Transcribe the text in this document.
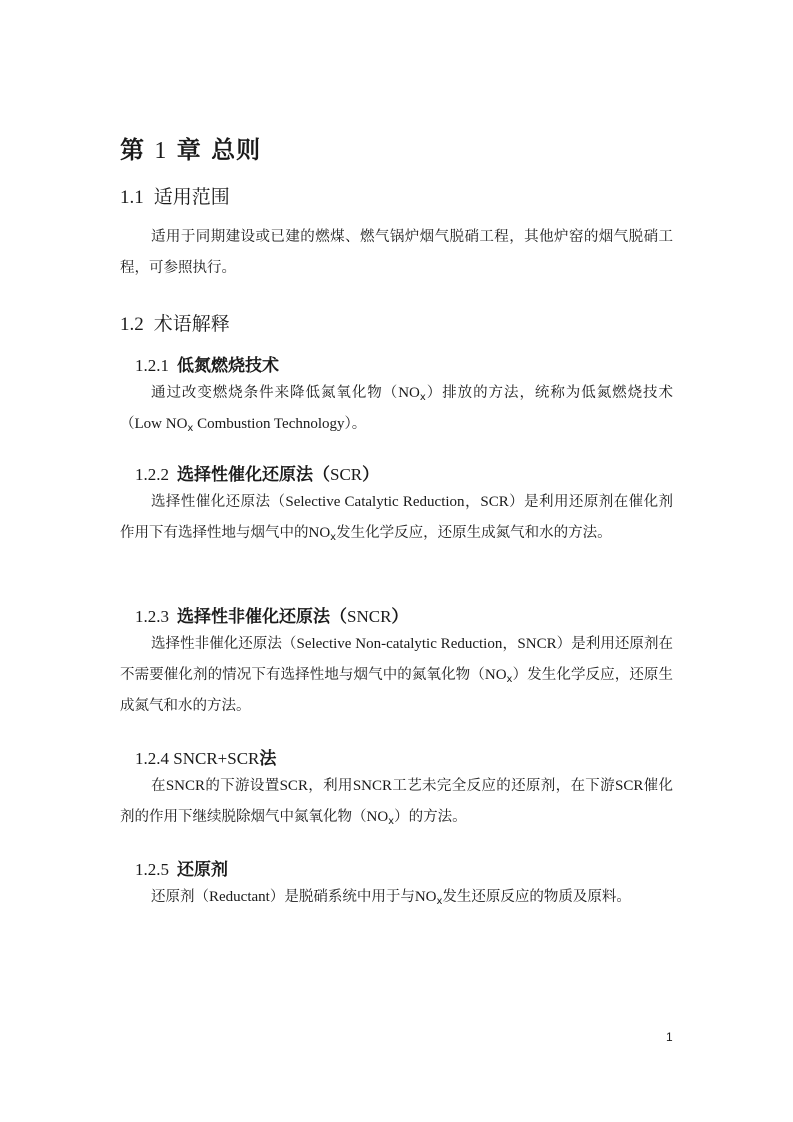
第 1 章 总则
1.1 适用范围
适用于同期建设或已建的燃煤、燃气锅炉烟气脱硝工程，其他炉窑的烟气脱硝工程，可参照执行。
1.2 术语解释
1.2.1 低氮燃烧技术
通过改变燃烧条件来降低氮氧化物$(NO_x)$排放的方法，统称为低氮燃烧技术（Low $NO_x$ Combustion Technology）。
1.2.2 选择性催化还原法（SCR）
选择性催化还原法（Selective Catalytic Reduction，SCR）是利用还原剂在催化剂作用下有选择性地与烟气中的$NO_x$发生化学反应，还原生成氮气和水的方法。
1.2.3 选择性非催化还原法（SNCR）
选择性非催化还原法（Selective Non-catalytic Reduction，SNCR）是利用还原剂在不需要催化剂的情况下有选择性地与烟气中的氮氧化物$(NO_x)$发生化学反应，还原生成氮气和水的方法。
1.2.4 SNCR+SCR法
在SNCR的下游设置SCR，利用SNCR工艺未完全反应的还原剂，在下游SCR催化剂的作用下继续脱除烟气中氮氧化物$(NO_x)$的方法。
1.2.5 还原剂
还原剂（Reductant）是脱硝系统中用于与$NO_x$发生还原反应的物质及原料。
1
